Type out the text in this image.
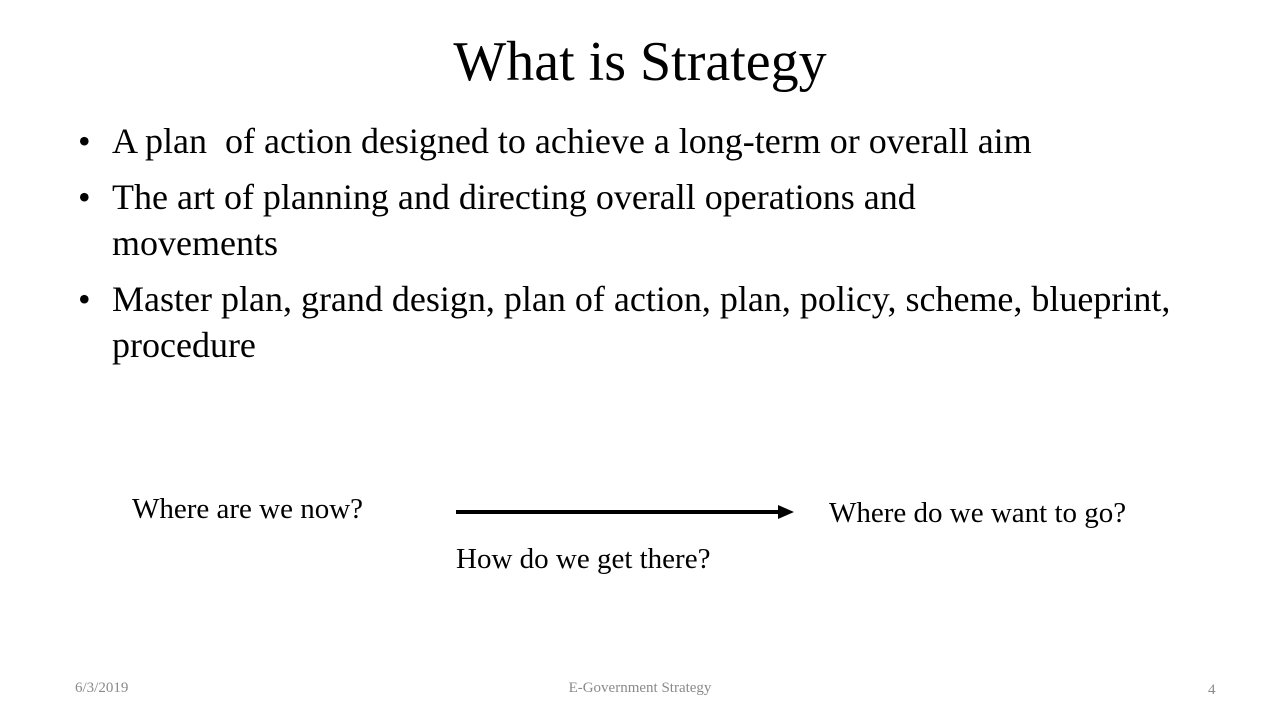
What is Strategy
• A plan  of action designed to achieve a long-term or overall aim
• The art of planning and directing overall operations and movements
• Master plan, grand design, plan of action, plan, policy, scheme, blueprint, procedure
Where are we now?	Where do we want to go?
How do we get there?
6/3/2019	E-Government Strategy	4
